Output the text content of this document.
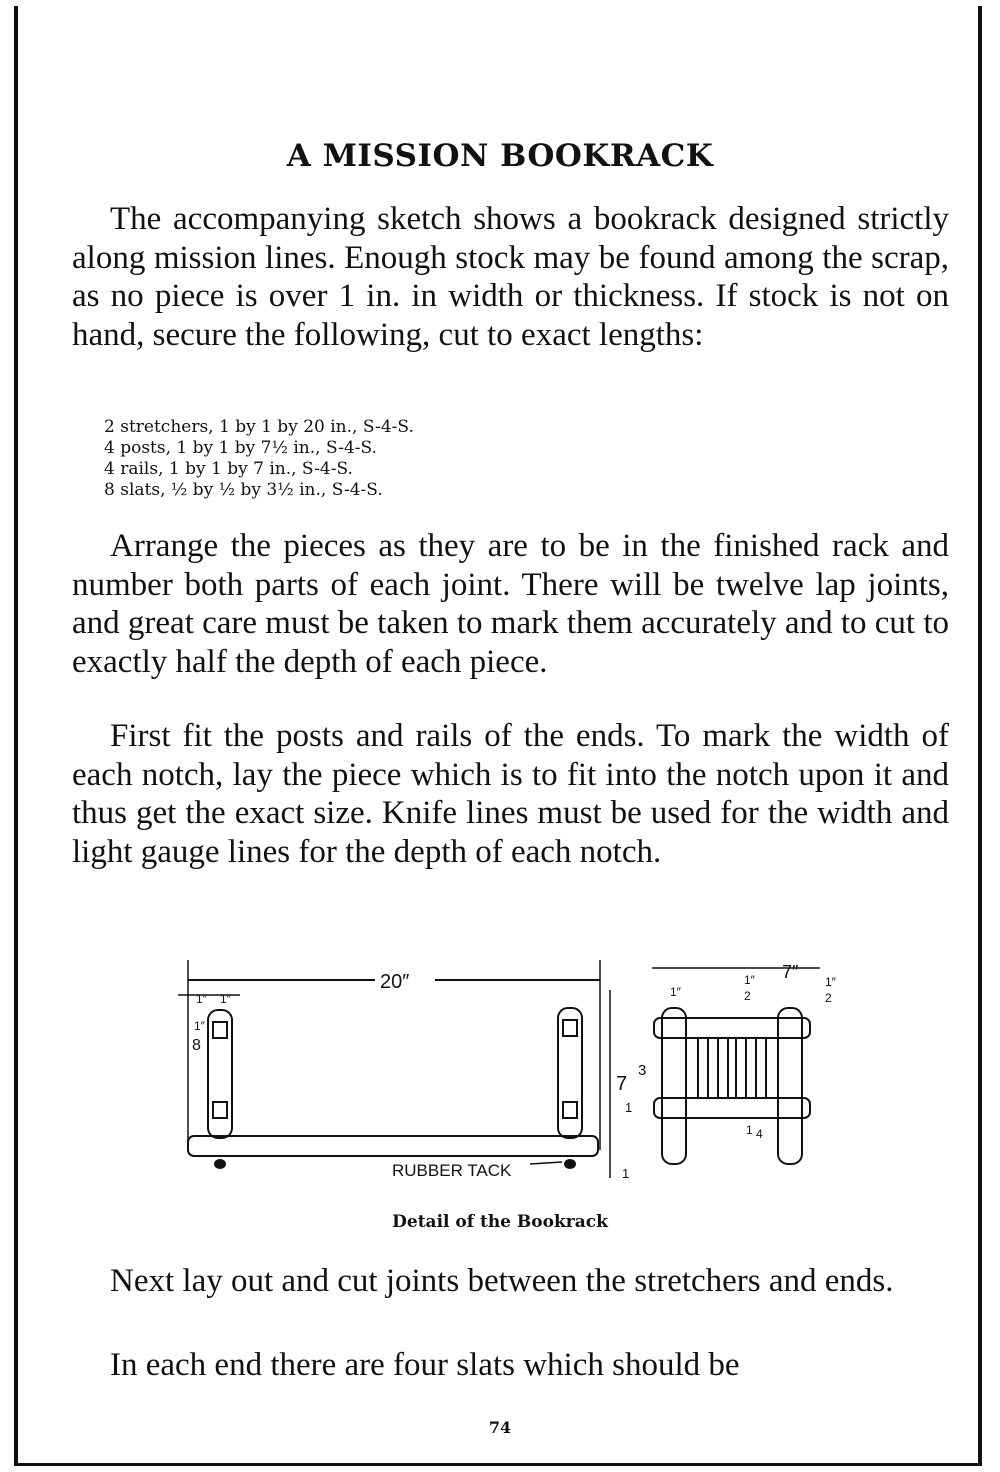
A MISSION BOOKRACK

The accompanying sketch shows a bookrack designed strictly along mission lines. Enough stock may be found among the scrap, as no piece is over 1 in. in width or thickness. If stock is not on hand, secure the following, cut to exact lengths:

2 stretchers, 1 by 1 by 20 in., S-4-S.
4 posts, 1 by 1 by 7½ in., S-4-S.
4 rails, 1 by 1 by 7 in., S-4-S.
8 slats, ½ by ½ by 3½ in., S-4-S.

Arrange the pieces as they are to be in the finished rack and number both parts of each joint. There will be twelve lap joints, and great care must be taken to mark them accurately and to cut to exactly half the depth of each piece.

First fit the posts and rails of the ends. To mark the width of each notch, lay the piece which is to fit into the notch upon it and thus get the exact size. Knife lines must be used for the width and light gauge lines for the depth of each notch.

20″
1″ 1″
1″
8
RUBBER TACK
7″
1″
1″
2
1″
2
7
3
1
1
1 4
Detail of the Bookrack

Next lay out and cut joints between the stretchers and ends.

In each end there are four slats which should be

74
